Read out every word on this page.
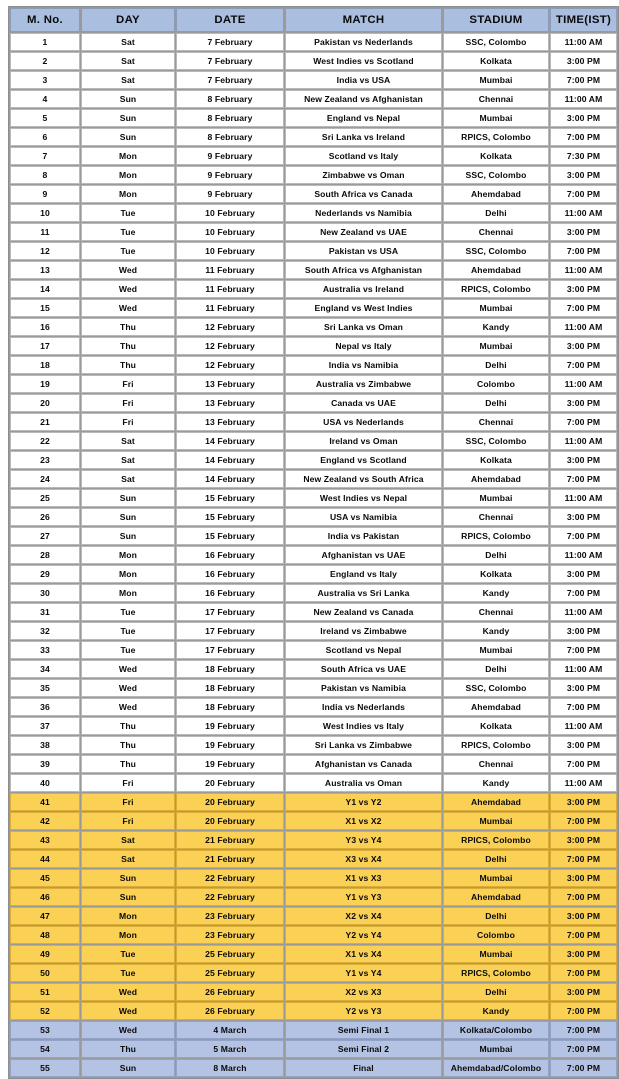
M. No.	DAY	DATE	MATCH	STADIUM	TIME(IST)
1	Sat	7 February	Pakistan vs Nederlands	SSC, Colombo	11:00 AM
2	Sat	7 February	West Indies vs Scotland	Kolkata	3:00 PM
3	Sat	7 February	India vs USA	Mumbai	7:00 PM
4	Sun	8 February	New Zealand vs Afghanistan	Chennai	11:00 AM
5	Sun	8 February	England vs Nepal	Mumbai	3:00 PM
6	Sun	8 February	Sri Lanka vs Ireland	RPICS, Colombo	7:00 PM
7	Mon	9 February	Scotland vs Italy	Kolkata	7:30 PM
8	Mon	9 February	Zimbabwe vs Oman	SSC, Colombo	3:00 PM
9	Mon	9 February	South Africa vs Canada	Ahemdabad	7:00 PM
10	Tue	10 February	Nederlands vs Namibia	Delhi	11:00 AM
11	Tue	10 February	New Zealand vs UAE	Chennai	3:00 PM
12	Tue	10 February	Pakistan vs USA	SSC, Colombo	7:00 PM
13	Wed	11 February	South Africa vs Afghanistan	Ahemdabad	11:00 AM
14	Wed	11 February	Australia vs Ireland	RPICS, Colombo	3:00 PM
15	Wed	11 February	England vs West Indies	Mumbai	7:00 PM
16	Thu	12 February	Sri Lanka vs Oman	Kandy	11:00 AM
17	Thu	12 February	Nepal vs Italy	Mumbai	3:00 PM
18	Thu	12 February	India vs Namibia	Delhi	7:00 PM
19	Fri	13 February	Australia vs Zimbabwe	Colombo	11:00 AM
20	Fri	13 February	Canada vs UAE	Delhi	3:00 PM
21	Fri	13 February	USA vs Nederlands	Chennai	7:00 PM
22	Sat	14 February	Ireland vs Oman	SSC, Colombo	11:00 AM
23	Sat	14 February	England vs Scotland	Kolkata	3:00 PM
24	Sat	14 February	New Zealand vs South Africa	Ahemdabad	7:00 PM
25	Sun	15 February	West Indies vs Nepal	Mumbai	11:00 AM
26	Sun	15 February	USA vs Namibia	Chennai	3:00 PM
27	Sun	15 February	India vs Pakistan	RPICS, Colombo	7:00 PM
28	Mon	16 February	Afghanistan vs UAE	Delhi	11:00 AM
29	Mon	16 February	England vs Italy	Kolkata	3:00 PM
30	Mon	16 February	Australia vs Sri Lanka	Kandy	7:00 PM
31	Tue	17 February	New Zealand vs Canada	Chennai	11:00 AM
32	Tue	17 February	Ireland vs Zimbabwe	Kandy	3:00 PM
33	Tue	17 February	Scotland vs Nepal	Mumbai	7:00 PM
34	Wed	18 February	South Africa vs UAE	Delhi	11:00 AM
35	Wed	18 February	Pakistan vs Namibia	SSC, Colombo	3:00 PM
36	Wed	18 February	India vs Nederlands	Ahemdabad	7:00 PM
37	Thu	19 February	West Indies vs Italy	Kolkata	11:00 AM
38	Thu	19 February	Sri Lanka vs Zimbabwe	RPICS, Colombo	3:00 PM
39	Thu	19 February	Afghanistan vs Canada	Chennai	7:00 PM
40	Fri	20 February	Australia vs Oman	Kandy	11:00 AM
41	Fri	20 February	Y1 vs Y2	Ahemdabad	3:00 PM
42	Fri	20 February	X1 vs X2	Mumbai	7:00 PM
43	Sat	21 February	Y3 vs Y4	RPICS, Colombo	3:00 PM
44	Sat	21 February	X3 vs X4	Delhi	7:00 PM
45	Sun	22 February	X1 vs X3	Mumbai	3:00 PM
46	Sun	22 February	Y1 vs Y3	Ahemdabad	7:00 PM
47	Mon	23 February	X2 vs X4	Delhi	3:00 PM
48	Mon	23 February	Y2 vs Y4	Colombo	7:00 PM
49	Tue	25 February	X1 vs X4	Mumbai	3:00 PM
50	Tue	25 February	Y1 vs Y4	RPICS, Colombo	7:00 PM
51	Wed	26 February	X2 vs X3	Delhi	3:00 PM
52	Wed	26 February	Y2 vs Y3	Kandy	7:00 PM
53	Wed	4 March	Semi Final 1	Kolkata/Colombo	7:00 PM
54	Thu	5 March	Semi Final 2	Mumbai	7:00 PM
55	Sun	8 March	Final	Ahemdabad/Colombo	7:00 PM
